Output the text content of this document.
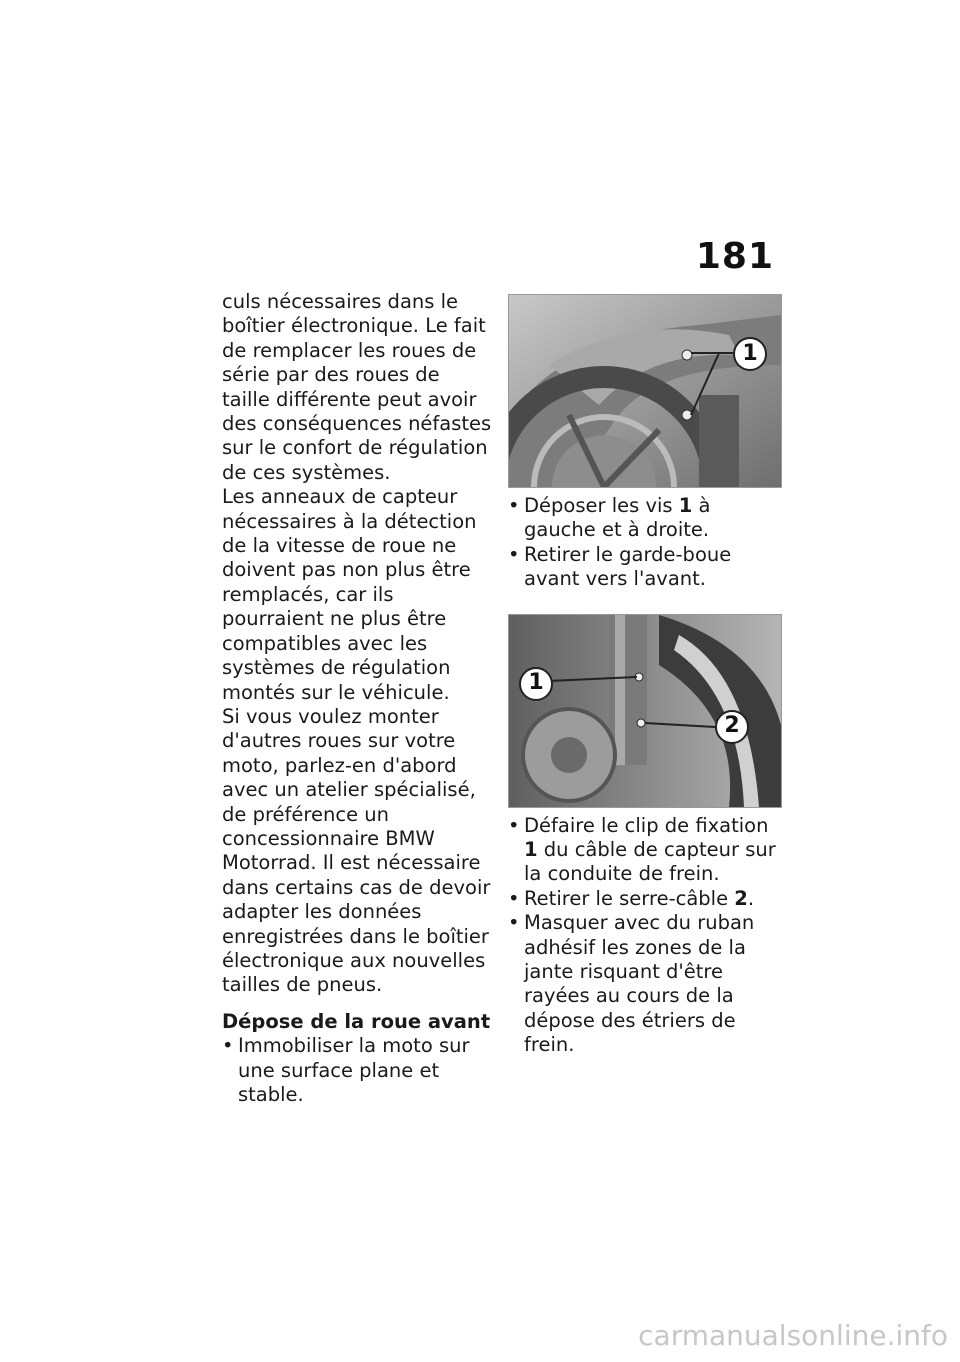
181

culs nécessaires dans le boîtier électronique. Le fait de remplacer les roues de série par des roues de taille différente peut avoir des conséquences néfastes sur le confort de régulation de ces systèmes.

Les anneaux de capteur nécessaires à la détection de la vitesse de roue ne doivent pas non plus être remplacés, car ils pourraient ne plus être compatibles avec les systèmes de régulation montés sur le véhicule.

Si vous voulez monter d'autres roues sur votre moto, parlez-en d'abord avec un atelier spécialisé, de préférence un concessionnaire BMW Motorrad. Il est nécessaire dans certains cas de devoir adapter les données enregistrées dans le boîtier électronique aux nouvelles tailles de pneus.

Dépose de la roue avant

• Immobiliser la moto sur une surface plane et stable.
1
• Déposer les vis 1 à gauche et à droite.
• Retirer le garde-boue avant vers l'avant.
1
2
• Défaire le clip de fixation 1 du câble de capteur sur la conduite de frein.
• Retirer le serre-câble 2.
• Masquer avec du ruban adhésif les zones de la jante risquant d'être rayées au cours de la dépose des étriers de frein.
carmanualsonline.info
